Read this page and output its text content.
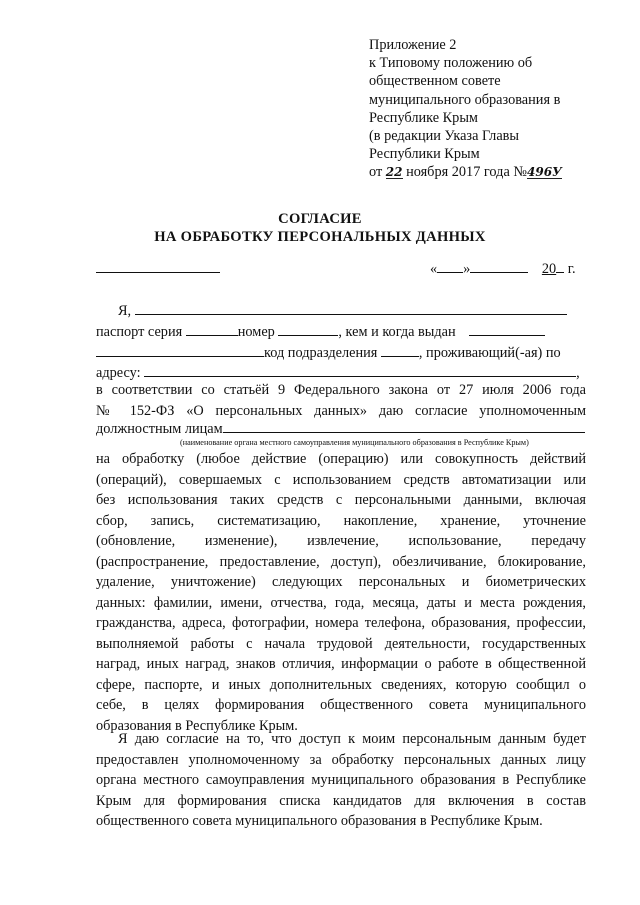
Приложение 2
к Типовому положению об
общественном совете
муниципального образования в
Республике Крым
(в редакции Указа Главы
Республики Крым
от 22 ноября 2017 года №496У
СОГЛАСИЕ
НА ОБРАБОТКУ ПЕРСОНАЛЬНЫХ ДАННЫХ
« »	20 г.
Я,
паспорт серия	номер	, кем и когда выдан
код подразделения	, проживающий(-ая) по
адресу:	,
в соответствии со статьёй 9 Федерального закона от 27 июля 2006 года
№ 152-ФЗ «О персональных данных» даю согласие уполномоченным
должностным лицам
(наименование органа местного самоуправления муниципального образования в Республике Крым)
на обработку (любое действие (операцию) или совокупность действий
(операций), совершаемых с использованием средств автоматизации или
без использования таких средств с персональными данными, включая
сбор, запись, систематизацию, накопление, хранение, уточнение
(обновление, изменение), извлечение, использование, передачу
(распространение, предоставление, доступ), обезличивание, блокирование,
удаление, уничтожение) следующих персональных и биометрических
данных: фамилии, имени, отчества, года, месяца, даты и места рождения,
гражданства, адреса, фотографии, номера телефона, образования, профессии,
выполняемой работы с начала трудовой деятельности, государственных
наград, иных наград, знаков отличия, информации о работе в общественной
сфере, паспорте, и иных дополнительных сведениях, которую сообщил о
себе, в целях формирования общественного совета муниципального
образования в Республике Крым.
Я даю согласие на то, что доступ к моим персональным данным будет
предоставлен уполномоченному за обработку персональных данных лицу
органа местного самоуправления муниципального образования в Республике
Крым для формирования списка кандидатов для включения в состав
общественного совета муниципального образования в Республике Крым.
